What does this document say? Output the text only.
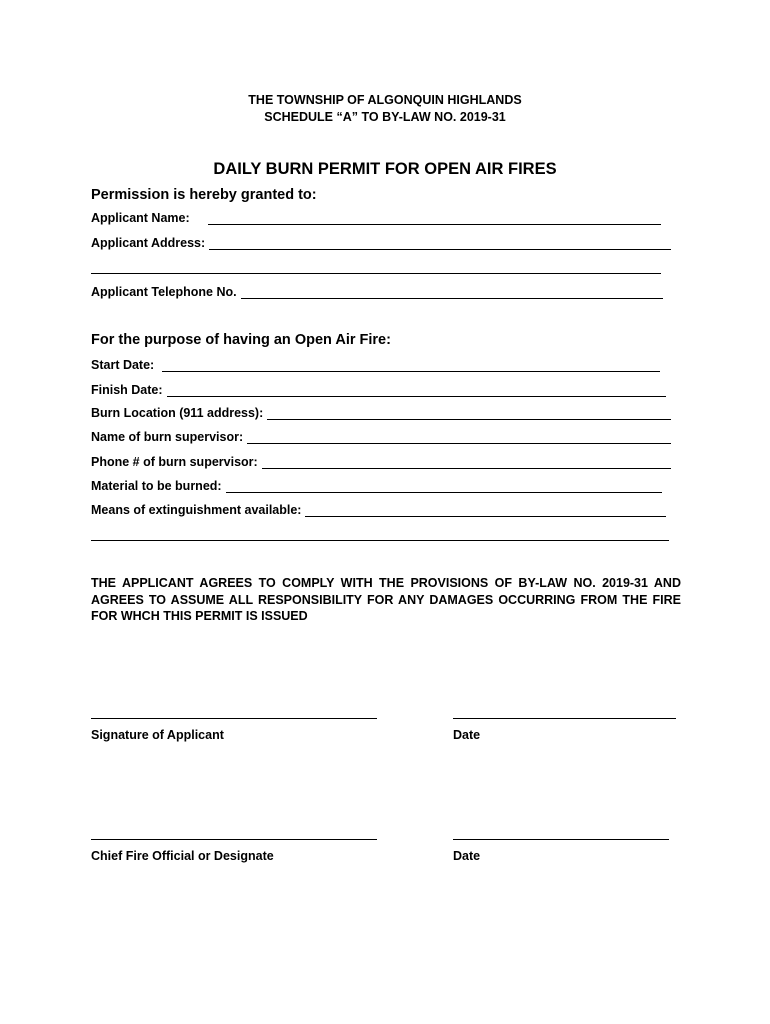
THE TOWNSHIP OF ALGONQUIN HIGHLANDS
SCHEDULE “A” TO BY-LAW NO. 2019-31
DAILY BURN PERMIT FOR OPEN AIR FIRES
Permission is hereby granted to:
Applicant Name:
Applicant Address:
Applicant Telephone No.
For the purpose of having an Open Air Fire:
Start Date:
Finish Date:
Burn Location (911 address):
Name of burn supervisor:
Phone # of burn supervisor:
Material to be burned:
Means of extinguishment available:
THE APPLICANT AGREES TO COMPLY WITH THE PROVISIONS OF BY-LAW NO. 2019-31 AND AGREES TO ASSUME ALL RESPONSIBILITY FOR ANY DAMAGES OCCURRING FROM THE FIRE FOR WHCH THIS PERMIT IS ISSUED
Signature of Applicant	Date
Chief Fire Official or Designate	Date
